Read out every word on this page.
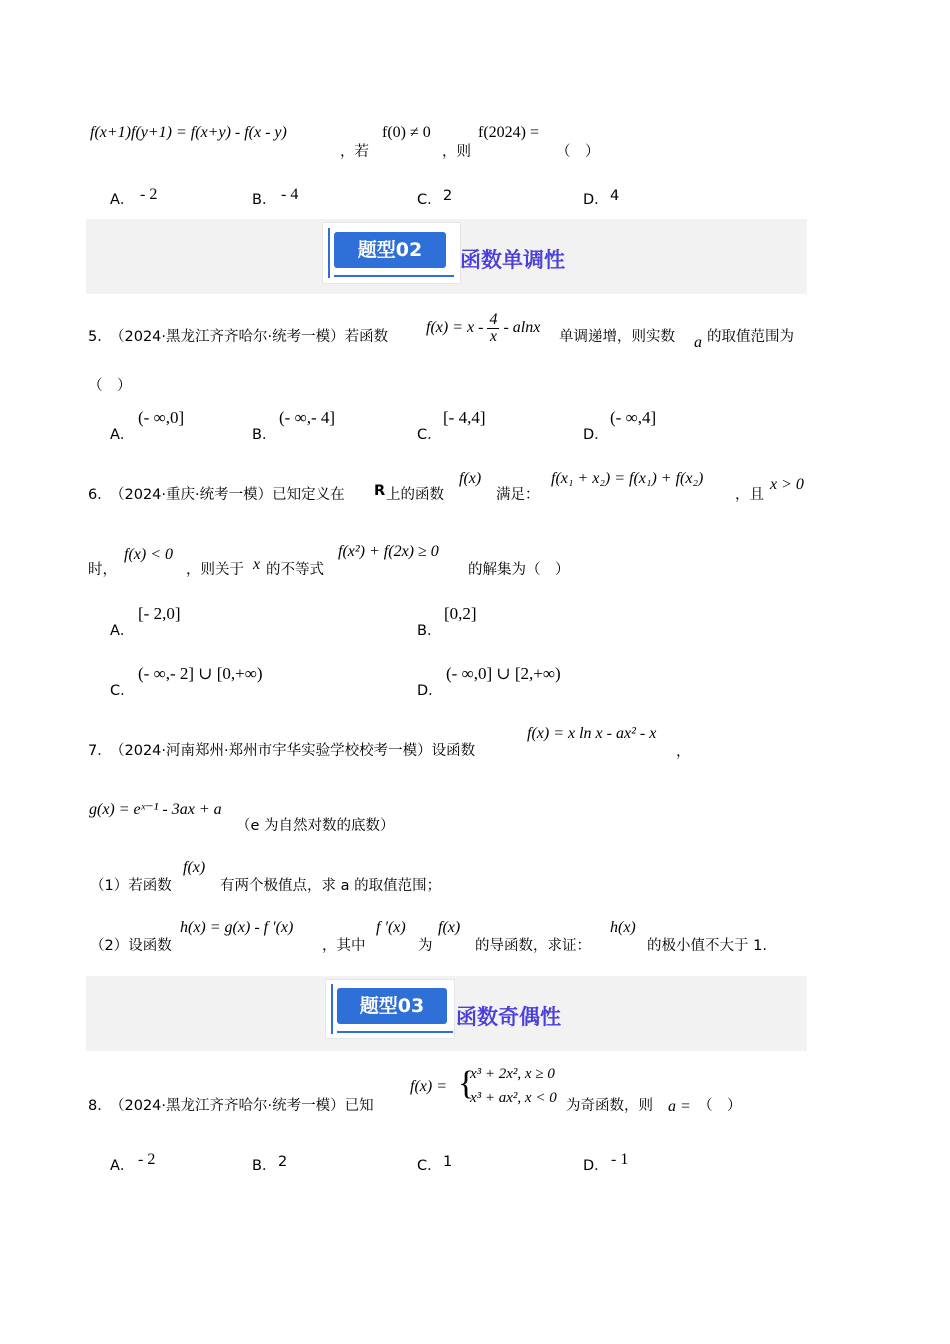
f(x+1)f(y+1) = f(x+y) - f(x - y)
，若
f(0) ≠ 0
，则
f(2024) =
（　）
A． - 2	B． - 4	C． 2	D． 4
题型02	函数单调性
5．
（2024·黑龙江齐齐哈尔·统考一模）若函数
$f(x) = x - \frac{4}{x} - alnx$
单调递增，则实数 a 的取值范围为
（　）
A．
(- ∞,0]
B．
(- ∞,- 4]
C．
[- 4,4]
D．
(- ∞,4]
6．
（2024·重庆·统考一模）已知定义在 R 上的函数
f(x)
满足：
f(x₁ + x₂) = f(x₁) + f(x₂)
，且
x > 0
时，
f(x) < 0
，则关于 x 的不等式
f(x²) + f(2x) ≥ 0
的解集为（　）
A．
[- 2,0]
B．
[0,2]
C．
(- ∞,- 2] ∪ [0,+∞)
D．
(- ∞,0] ∪ [2,+∞)
7．
（2024·河南郑州·郑州市宇华实验学校校考一模）设函数
f(x) = x ln x - ax² - x
，
g(x) = eˣ⁻¹ - 3ax + a
（e 为自然对数的底数）
（1）若函数
f(x)
有两个极值点，求 a 的取值范围；
（2）设函数
h(x) = g(x) - f ′(x)
，其中
f ′(x)
为
f(x)
的导函数，求证：
h(x)
的极小值不大于 1.
题型03	函数奇偶性
8．
（2024·黑龙江齐齐哈尔·统考一模）已知
f(x) = {
x³ + 2x², x ≥ 0
x³ + ax², x < 0 为奇函数，则 a = （　）
A． - 2	B． 2	C． 1	D． - 1
